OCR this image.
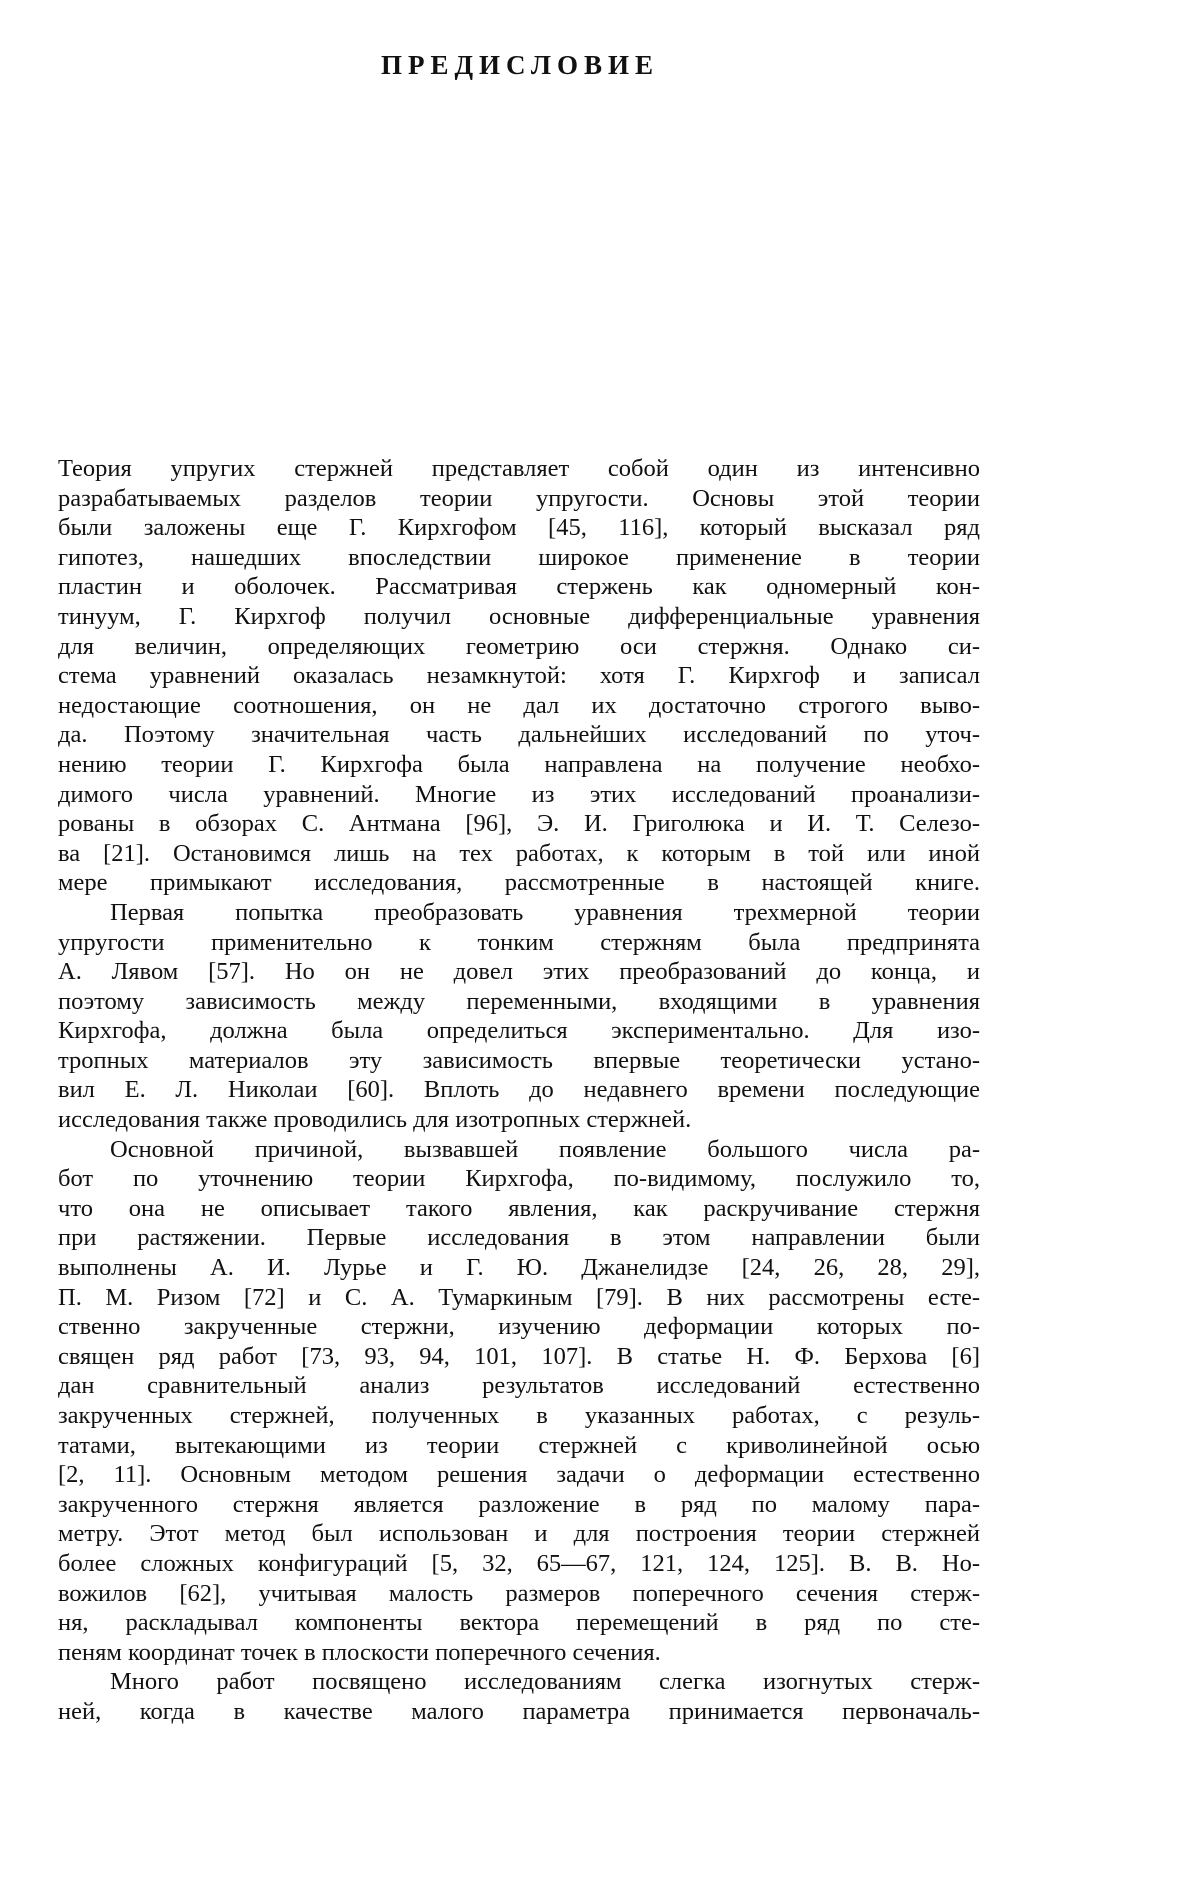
ПРЕДИСЛОВИЕ

Теория упругих стержней представляет собой один из интенсивно
разрабатываемых разделов теории упругости. Основы этой теории
были заложены еще Г. Кирхгофом [45, 116], который высказал ряд
гипотез, нашедших впоследствии широкое применение в теории
пластин и оболочек. Рассматривая стержень как одномерный кон-
тинуум, Г. Кирхгоф получил основные дифференциальные уравнения
для величин, определяющих геометрию оси стержня. Однако си-
стема уравнений оказалась незамкнутой: хотя Г. Кирхгоф и записал
недостающие соотношения, он не дал их достаточно строгого выво-
да. Поэтому значительная часть дальнейших исследований по уточ-
нению теории Г. Кирхгофа была направлена на получение необхо-
димого числа уравнений. Многие из этих исследований проанализи-
рованы в обзорах С. Антмана [96], Э. И. Григолюка и И. Т. Селезо-
ва [21]. Остановимся лишь на тех работах, к которым в той или иной
мере примыкают исследования, рассмотренные в настоящей книге.

Первая попытка преобразовать уравнения трехмерной теории
упругости применительно к тонким стержням была предпринята
А. Лявом [57]. Но он не довел этих преобразований до конца, и
поэтому зависимость между переменными, входящими в уравнения
Кирхгофа, должна была определиться экспериментально. Для изо-
тропных материалов эту зависимость впервые теоретически устано-
вил Е. Л. Николаи [60]. Вплоть до недавнего времени последующие
исследования также проводились для изотропных стержней.

Основной причиной, вызвавшей появление большого числа ра-
бот по уточнению теории Кирхгофа, по-видимому, послужило то,
что она не описывает такого явления, как раскручивание стержня
при растяжении. Первые исследования в этом направлении были
выполнены А. И. Лурье и Г. Ю. Джанелидзе [24, 26, 28, 29],
П. М. Ризом [72] и С. А. Тумаркиным [79]. В них рассмотрены есте-
ственно закрученные стержни, изучению деформации которых по-
священ ряд работ [73, 93, 94, 101, 107]. В статье Н. Ф. Берхова [6]
дан сравнительный анализ результатов исследований естественно
закрученных стержней, полученных в указанных работах, с резуль-
татами, вытекающими из теории стержней с криволинейной осью
[2, 11]. Основным методом решения задачи о деформации естественно
закрученного стержня является разложение в ряд по малому пара-
метру. Этот метод был использован и для построения теории стержней
более сложных конфигураций [5, 32, 65—67, 121, 124, 125]. В. В. Но-
вожилов [62], учитывая малость размеров поперечного сечения стерж-
ня, раскладывал компоненты вектора перемещений в ряд по сте-
пеням координат точек в плоскости поперечного сечения.

Много работ посвящено исследованиям слегка изогнутых стерж-
ней, когда в качестве малого параметра принимается первоначаль-
